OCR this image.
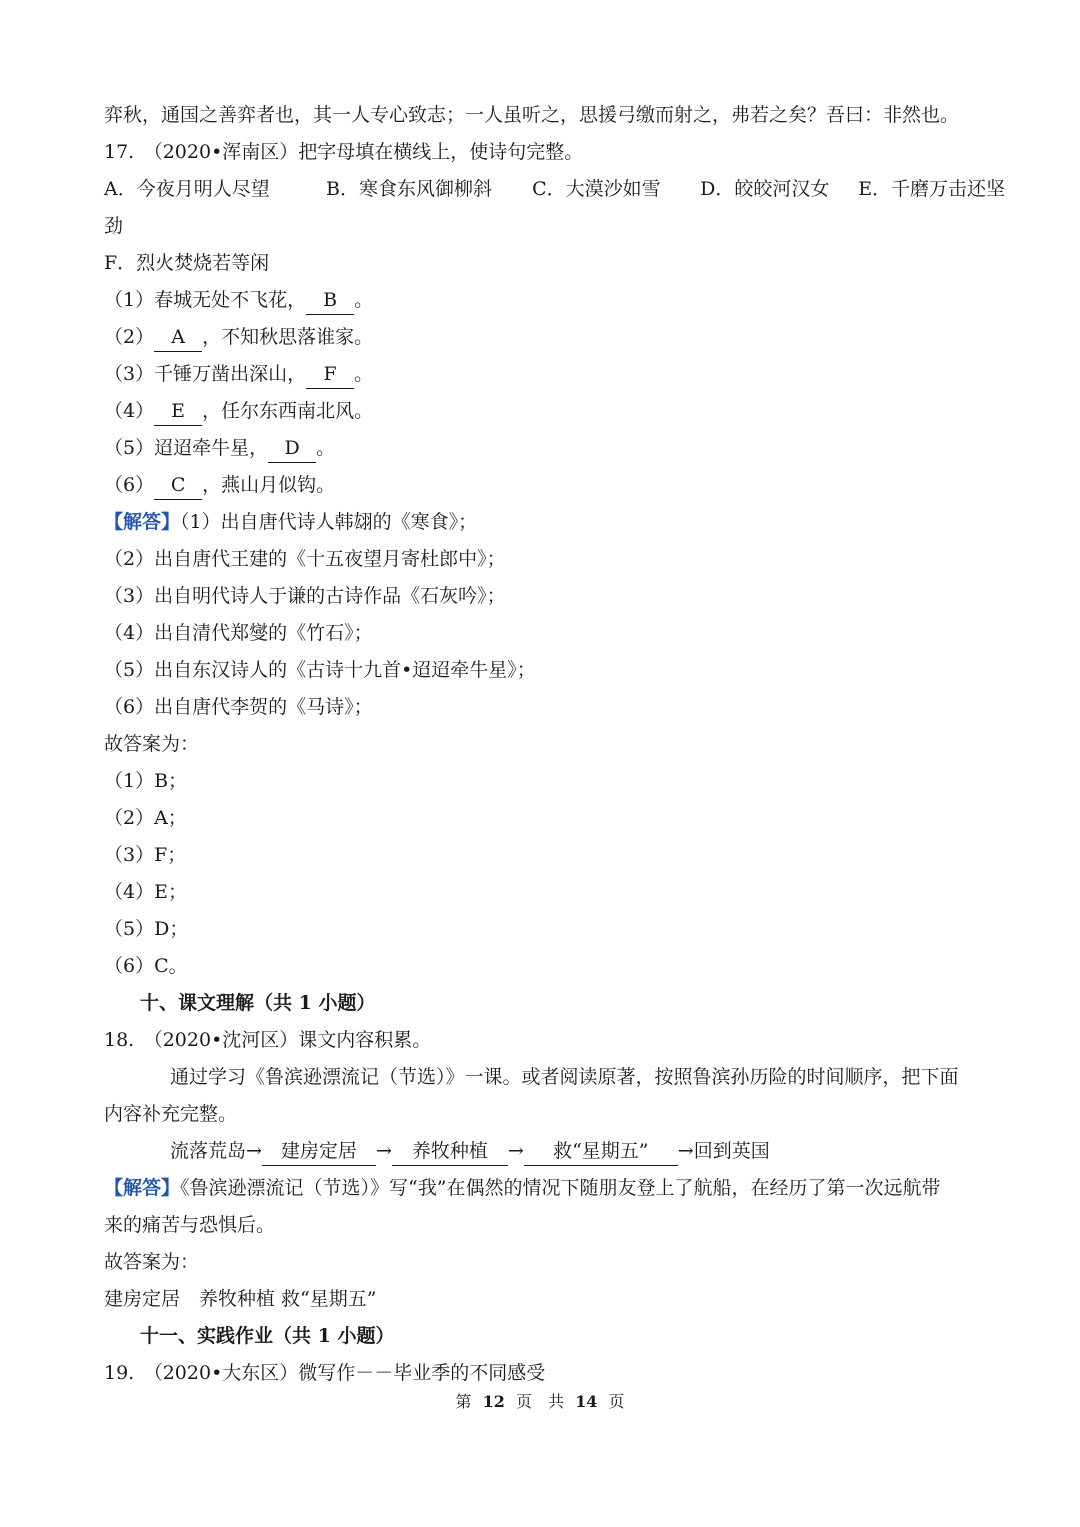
弈秋，通国之善弈者也，其一人专心致志；一人虽听之，思援弓缴而射之，弗若之矣？吾曰：非然也。
17.　（2020•浑南区）把字母填在横线上，使诗句完整。
A．今夜月明人尽望	B．寒食东风御柳斜 C．大漠沙如雪 D．皎皎河汉女 E．千磨万击还坚
劲
F．烈火焚烧若等闲
（1）春城无处不飞花， B 。
（2） A ，不知秋思落谁家。
（3）千锤万凿出深山， F 。
（4） E ，任尔东西南北风。
（5）迢迢牵牛星， D 。
（6） C ，燕山月似钩。
【解答】（1）出自唐代诗人韩翃的《寒食》；
（2）出自唐代王建的《十五夜望月寄杜郎中》；
（3）出自明代诗人于谦的古诗作品《石灰吟》；
（4）出自清代郑燮的《竹石》；
（5）出自东汉诗人的《古诗十九首•迢迢牵牛星》；
（6）出自唐代李贺的《马诗》；
故答案为：
（1）B；
（2）A；
（3）F；
（4）E；
（5）D；
（6）C。
十、课文理解（共 1 小题）
18.　（2020•沈河区）课文内容积累。
通过学习《鲁滨逊漂流记（节选）》一课。或者阅读原著，按照鲁滨孙历险的时间顺序，把下面
内容补充完整。
流落荒岛→ 建房定居 → 养牧种植 → 救“星期五” →回到英国
【解答】《鲁滨逊漂流记（节选）》写“我”在偶然的情况下随朋友登上了航船，在经历了第一次远航带
来的痛苦与恐惧后。
故答案为：
建房定居　养牧种植 救“星期五”
十一、实践作业（共 1 小题）
19.　（2020•大东区）微写作－－毕业季的不同感受
第 12 页　共 14 页
